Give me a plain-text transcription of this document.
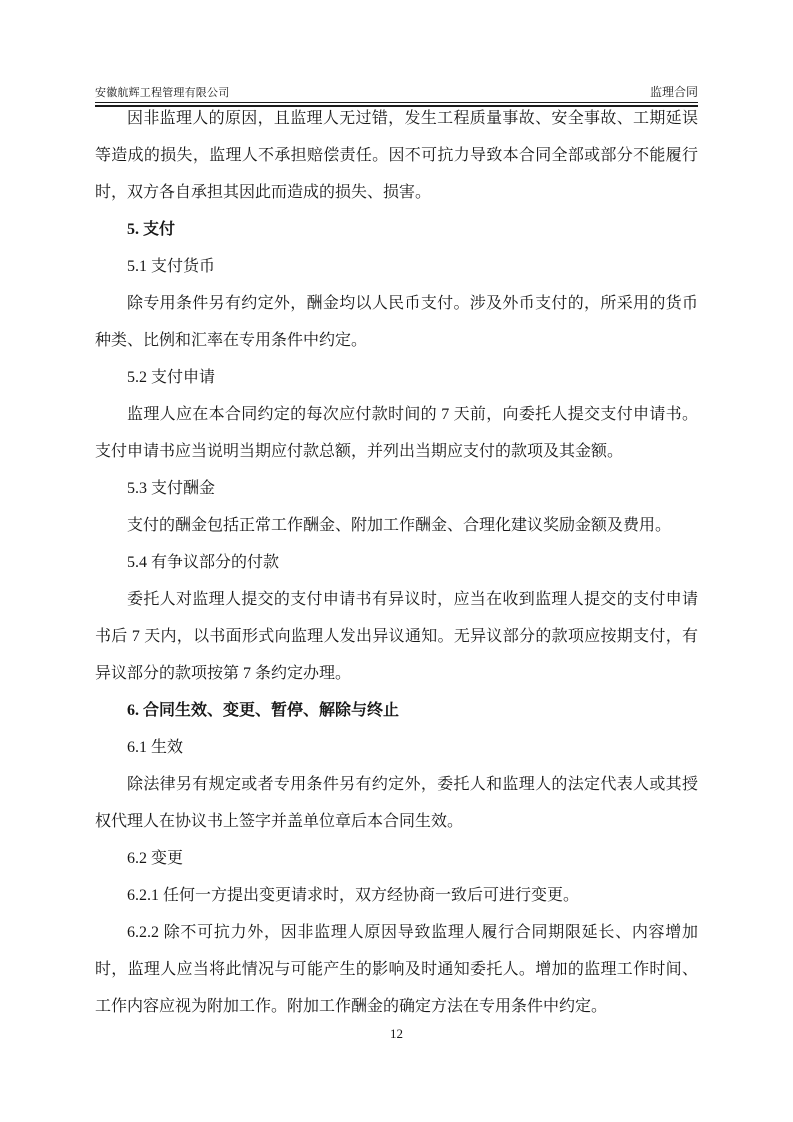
安徽航辉工程管理有限公司	监理合同

因非监理人的原因，且监理人无过错，发生工程质量事故、安全事故、工期延误等造成的损失，监理人不承担赔偿责任。因不可抗力导致本合同全部或部分不能履行时，双方各自承担其因此而造成的损失、损害。

5. 支付

5.1 支付货币

除专用条件另有约定外，酬金均以人民币支付。涉及外币支付的，所采用的货币种类、比例和汇率在专用条件中约定。

5.2 支付申请

监理人应在本合同约定的每次应付款时间的 7 天前，向委托人提交支付申请书。支付申请书应当说明当期应付款总额，并列出当期应支付的款项及其金额。

5.3 支付酬金

支付的酬金包括正常工作酬金、附加工作酬金、合理化建议奖励金额及费用。

5.4 有争议部分的付款

委托人对监理人提交的支付申请书有异议时，应当在收到监理人提交的支付申请书后 7 天内，以书面形式向监理人发出异议通知。无异议部分的款项应按期支付，有异议部分的款项按第 7 条约定办理。

6. 合同生效、变更、暂停、解除与终止

6.1 生效

除法律另有规定或者专用条件另有约定外，委托人和监理人的法定代表人或其授权代理人在协议书上签字并盖单位章后本合同生效。

6.2 变更

6.2.1 任何一方提出变更请求时，双方经协商一致后可进行变更。

6.2.2 除不可抗力外，因非监理人原因导致监理人履行合同期限延长、内容增加时，监理人应当将此情况与可能产生的影响及时通知委托人。增加的监理工作时间、工作内容应视为附加工作。附加工作酬金的确定方法在专用条件中约定。

12
